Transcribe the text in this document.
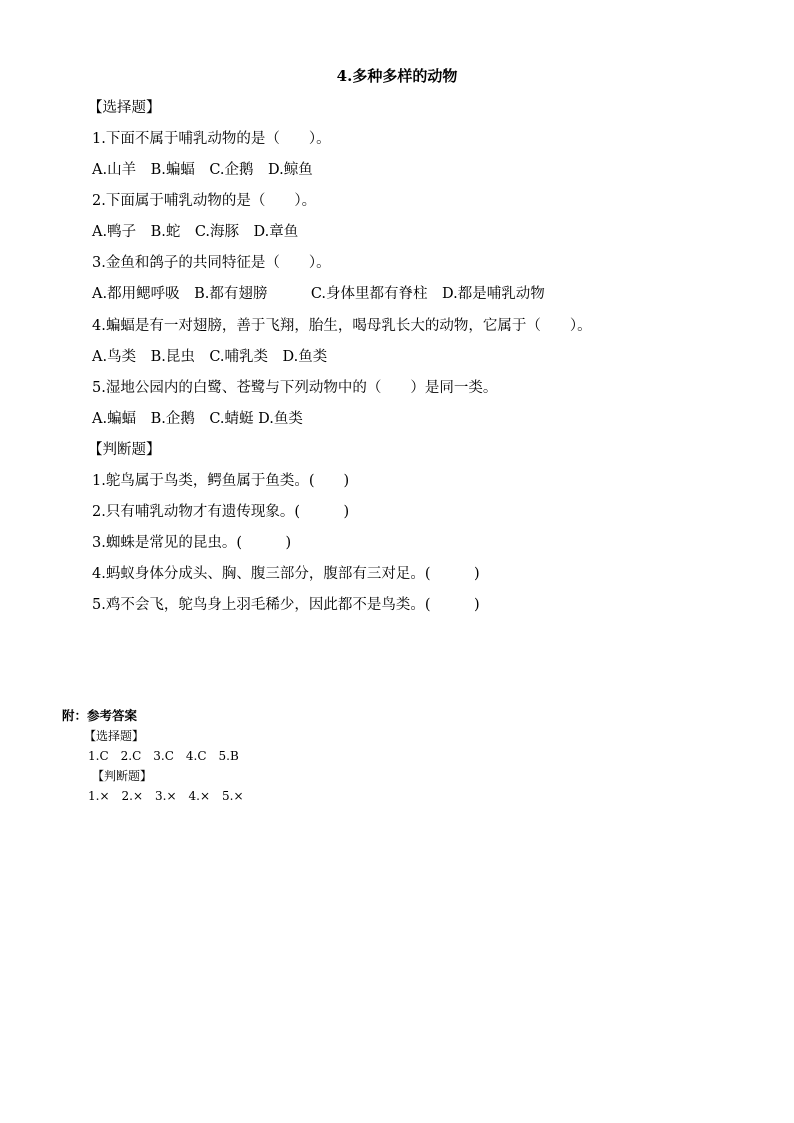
4.多种多样的动物
【选择题】
1.下面不属于哺乳动物的是（　　）。
A.山羊　B.蝙蝠　C.企鹅　D.鲸鱼
2.下面属于哺乳动物的是（　　）。
A.鸭子　B.蛇　C.海豚　D.章鱼
3.金鱼和鸽子的共同特征是（　　）。
A.都用鳃呼吸　B.都有翅膀　　　C.身体里都有脊柱　D.都是哺乳动物
4.蝙蝠是有一对翅膀，善于飞翔，胎生，喝母乳长大的动物，它属于（　　）。
A.鸟类　B.昆虫　C.哺乳类　D.鱼类
5.湿地公园内的白鹭、苍鹭与下列动物中的（　　）是同一类。
A.蝙蝠　B.企鹅　C.蜻蜓 D.鱼类
【判断题】
1.鸵鸟属于鸟类，鳄鱼属于鱼类。(　　)
2.只有哺乳动物才有遗传现象。(　　　)
3.蜘蛛是常见的昆虫。(　　　)
4.蚂蚁身体分成头、胸、腹三部分，腹部有三对足。(　　　)
5.鸡不会飞，鸵鸟身上羽毛稀少，因此都不是鸟类。(　　　)
附：参考答案
【选择题】
1.C　2.C　3.C　4.C　5.B
【判断题】
1.×　2.×　3.×　4.×　5.×
